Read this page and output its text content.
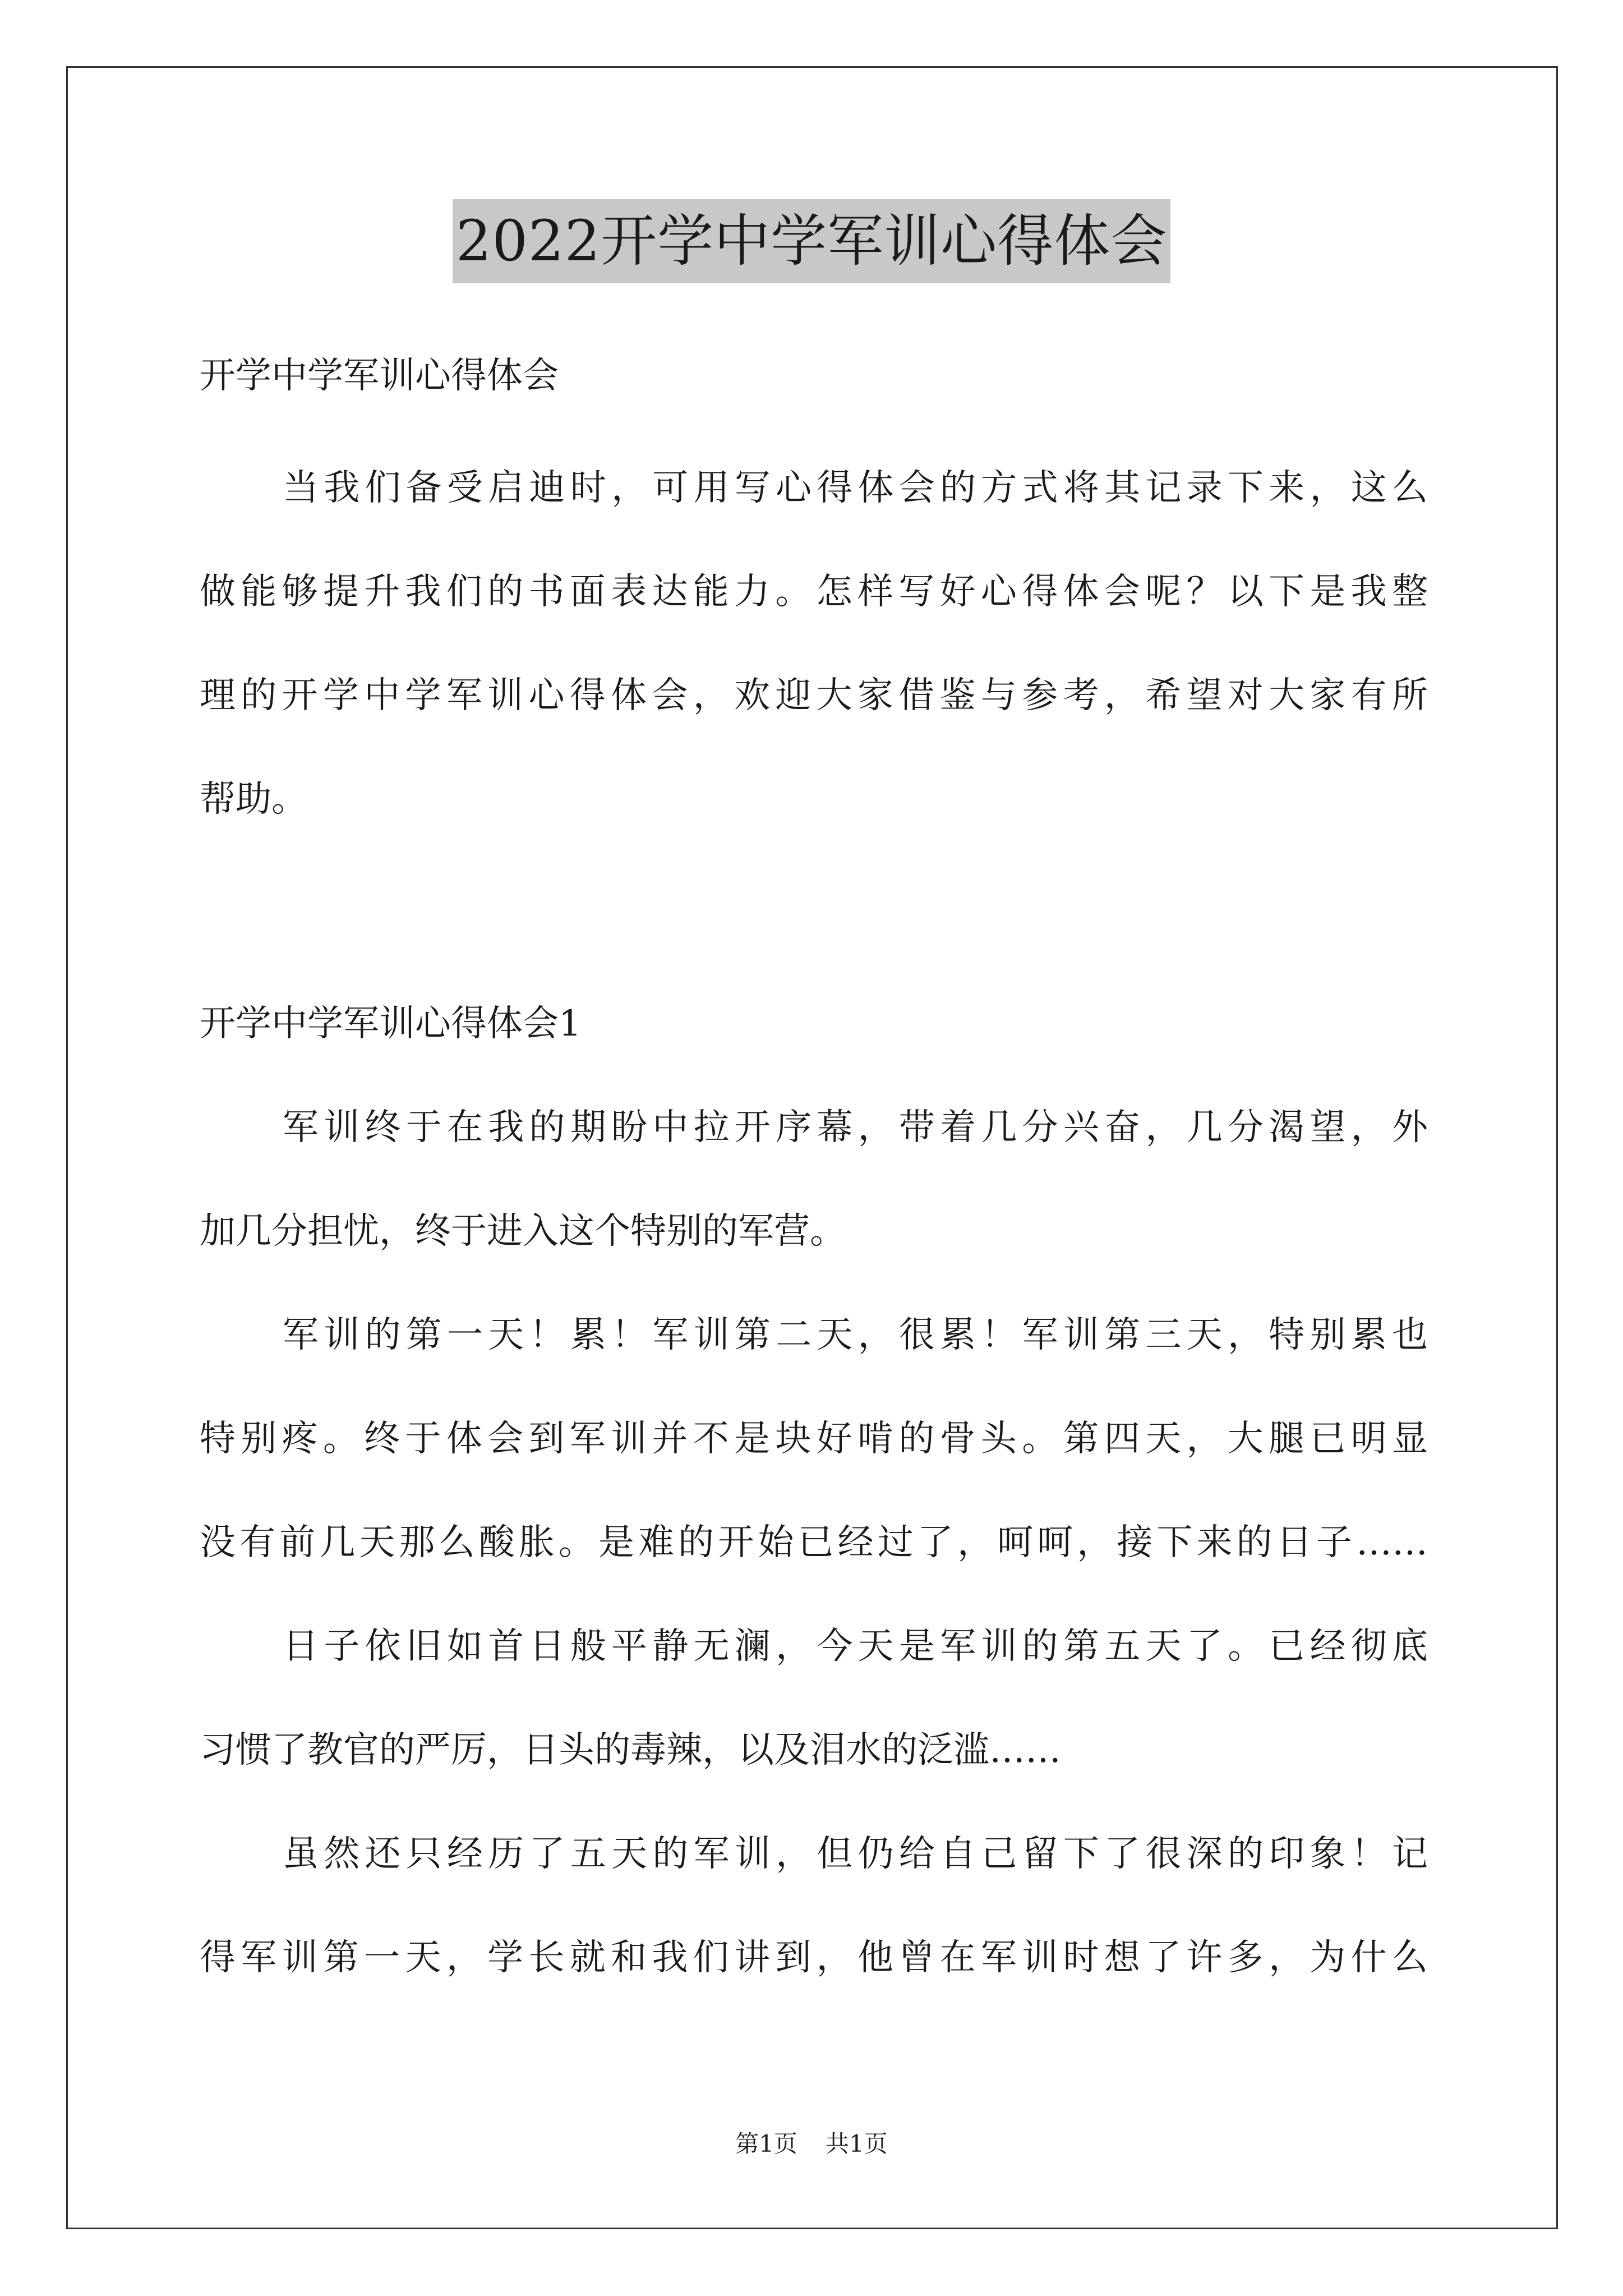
2022开学中学军训心得体会
开学中学军训心得体会
当我们备受启迪时，可用写心得体会的方式将其记录下来，这么
做能够提升我们的书面表达能力。怎样写好心得体会呢？以下是我整
理的开学中学军训心得体会，欢迎大家借鉴与参考，希望对大家有所
帮助。
开学中学军训心得体会1
军训终于在我的期盼中拉开序幕，带着几分兴奋，几分渴望，外
加几分担忧，终于进入这个特别的军营。
军训的第一天！累！军训第二天，很累！军训第三天，特别累也
特别疼。终于体会到军训并不是块好啃的骨头。第四天，大腿已明显
没有前几天那么酸胀。是难的开始已经过了，呵呵，接下来的日子……
日子依旧如首日般平静无澜，今天是军训的第五天了。已经彻底
习惯了教官的严厉，日头的毒辣，以及泪水的泛滥……
虽然还只经历了五天的军训，但仍给自己留下了很深的印象！记
得军训第一天，学长就和我们讲到，他曾在军训时想了许多，为什么
第1页 共1页
